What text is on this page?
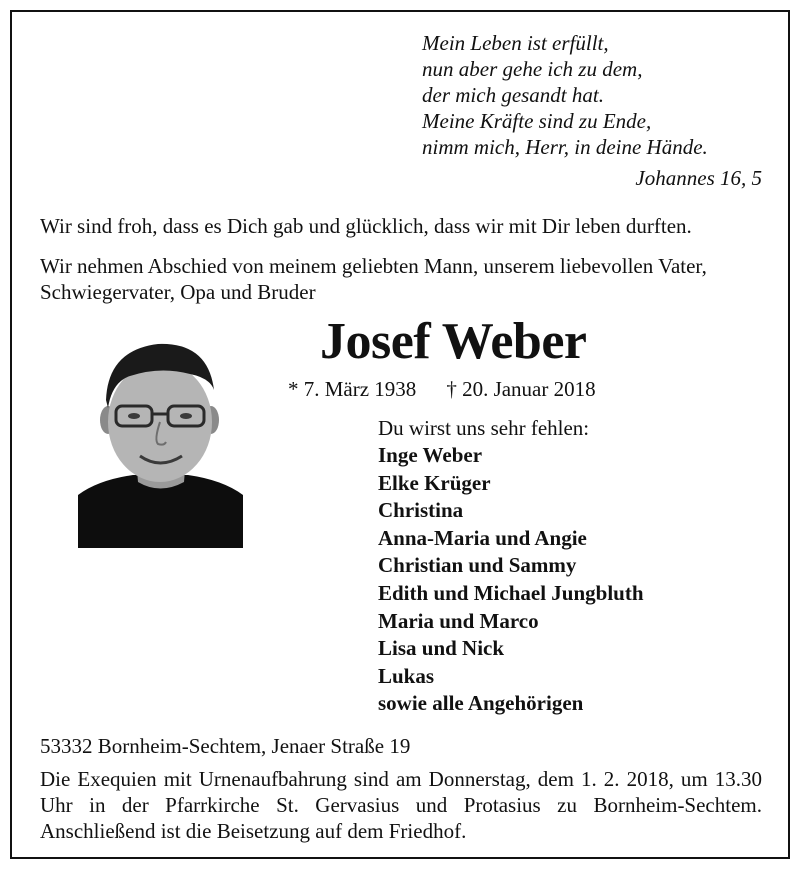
Mein Leben ist erfüllt,
nun aber gehe ich zu dem,
der mich gesandt hat.
Meine Kräfte sind zu Ende,
nimm mich, Herr, in deine Hände.
Johannes 16, 5
Wir sind froh, dass es Dich gab und glücklich, dass wir mit Dir leben durften.
Wir nehmen Abschied von meinem geliebten Mann, unserem liebevollen Vater, Schwiegervater, Opa und Bruder
Josef Weber
* 7. März 1938 † 20. Januar 2018
Du wirst uns sehr fehlen:
Inge Weber
Elke Krüger
Christina
Anna-Maria und Angie
Christian und Sammy
Edith und Michael Jungbluth
Maria und Marco
Lisa und Nick
Lukas
sowie alle Angehörigen
53332 Bornheim-Sechtem, Jenaer Straße 19
Die Exequien mit Urnenaufbahrung sind am Donnerstag, dem 1. 2. 2018, um 13.30 Uhr in der Pfarrkirche St. Gervasius und Protasius zu Bornheim-Sechtem. Anschließend ist die Beisetzung auf dem Friedhof.
